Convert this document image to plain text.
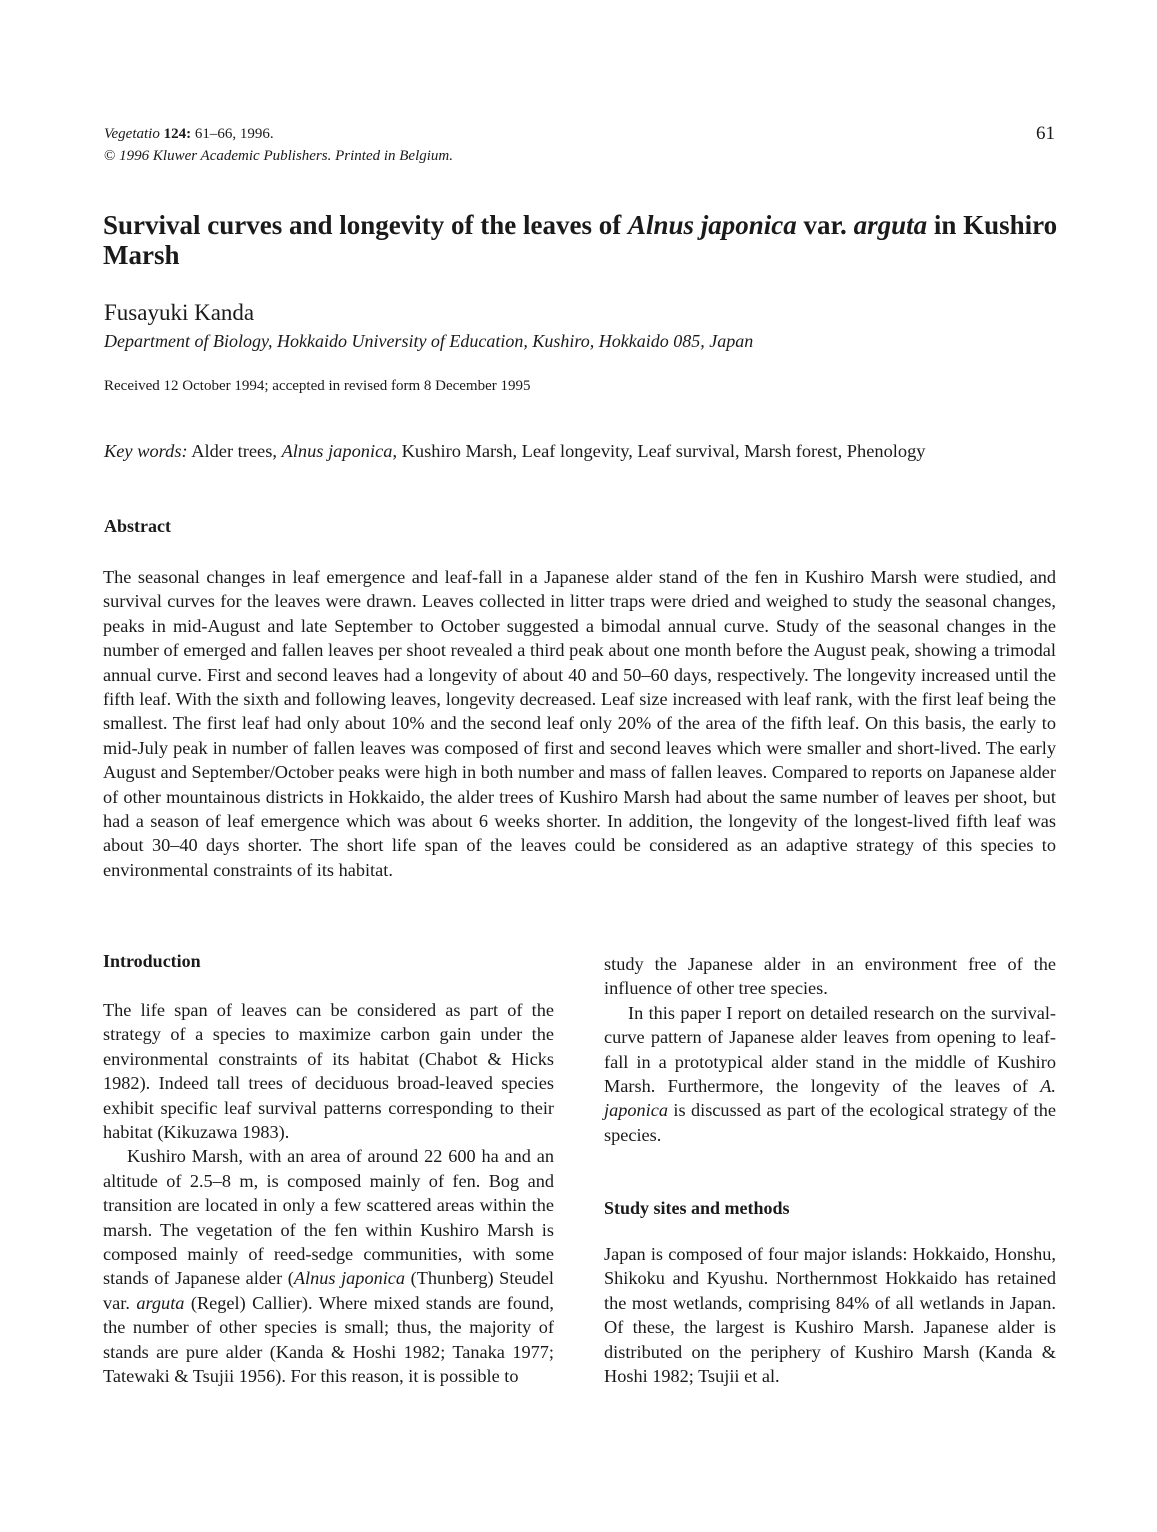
Vegetatio 124: 61–66, 1996.
© 1996 Kluwer Academic Publishers. Printed in Belgium.
61
Survival curves and longevity of the leaves of Alnus japonica var. arguta in Kushiro Marsh
Fusayuki Kanda
Department of Biology, Hokkaido University of Education, Kushiro, Hokkaido 085, Japan
Received 12 October 1994; accepted in revised form 8 December 1995
Key words: Alder trees, Alnus japonica, Kushiro Marsh, Leaf longevity, Leaf survival, Marsh forest, Phenology
Abstract

The seasonal changes in leaf emergence and leaf-fall in a Japanese alder stand of the fen in Kushiro Marsh were studied, and survival curves for the leaves were drawn. Leaves collected in litter traps were dried and weighed to study the seasonal changes, peaks in mid-August and late September to October suggested a bimodal annual curve. Study of the seasonal changes in the number of emerged and fallen leaves per shoot revealed a third peak about one month before the August peak, showing a trimodal annual curve. First and second leaves had a longevity of about 40 and 50–60 days, respectively. The longevity increased until the fifth leaf. With the sixth and following leaves, longevity decreased. Leaf size increased with leaf rank, with the first leaf being the smallest. The first leaf had only about 10% and the second leaf only 20% of the area of the fifth leaf. On this basis, the early to mid-July peak in number of fallen leaves was composed of first and second leaves which were smaller and short-lived. The early August and September/October peaks were high in both number and mass of fallen leaves. Compared to reports on Japanese alder of other mountainous districts in Hokkaido, the alder trees of Kushiro Marsh had about the same number of leaves per shoot, but had a season of leaf emergence which was about 6 weeks shorter. In addition, the longevity of the longest-lived fifth leaf was about 30–40 days shorter. The short life span of the leaves could be considered as an adaptive strategy of this species to environmental constraints of its habitat.

Introduction

The life span of leaves can be considered as part of the strategy of a species to maximize carbon gain under the environmental constraints of its habitat (Chabot & Hicks 1982). Indeed tall trees of deciduous broad-leaved species exhibit specific leaf survival patterns corresponding to their habitat (Kikuzawa 1983).

Kushiro Marsh, with an area of around 22 600 ha and an altitude of 2.5–8 m, is composed mainly of fen. Bog and transition are located in only a few scattered areas within the marsh. The vegetation of the fen within Kushiro Marsh is composed mainly of reed-sedge communities, with some stands of Japanese alder (Alnus japonica (Thunberg) Steudel var. arguta (Regel) Callier). Where mixed stands are found, the number of other species is small; thus, the majority of stands are pure alder (Kanda & Hoshi 1982; Tanaka 1977; Tatewaki & Tsujii 1956). For this reason, it is possible to

study the Japanese alder in an environment free of the influence of other tree species.

In this paper I report on detailed research on the survival-curve pattern of Japanese alder leaves from opening to leaf-fall in a prototypical alder stand in the middle of Kushiro Marsh. Furthermore, the longevity of the leaves of A. japonica is discussed as part of the ecological strategy of the species.

Study sites and methods

Japan is composed of four major islands: Hokkaido, Honshu, Shikoku and Kyushu. Northernmost Hokkaido has retained the most wetlands, comprising 84% of all wetlands in Japan. Of these, the largest is Kushiro Marsh. Japanese alder is distributed on the periphery of Kushiro Marsh (Kanda & Hoshi 1982; Tsujii et al.
